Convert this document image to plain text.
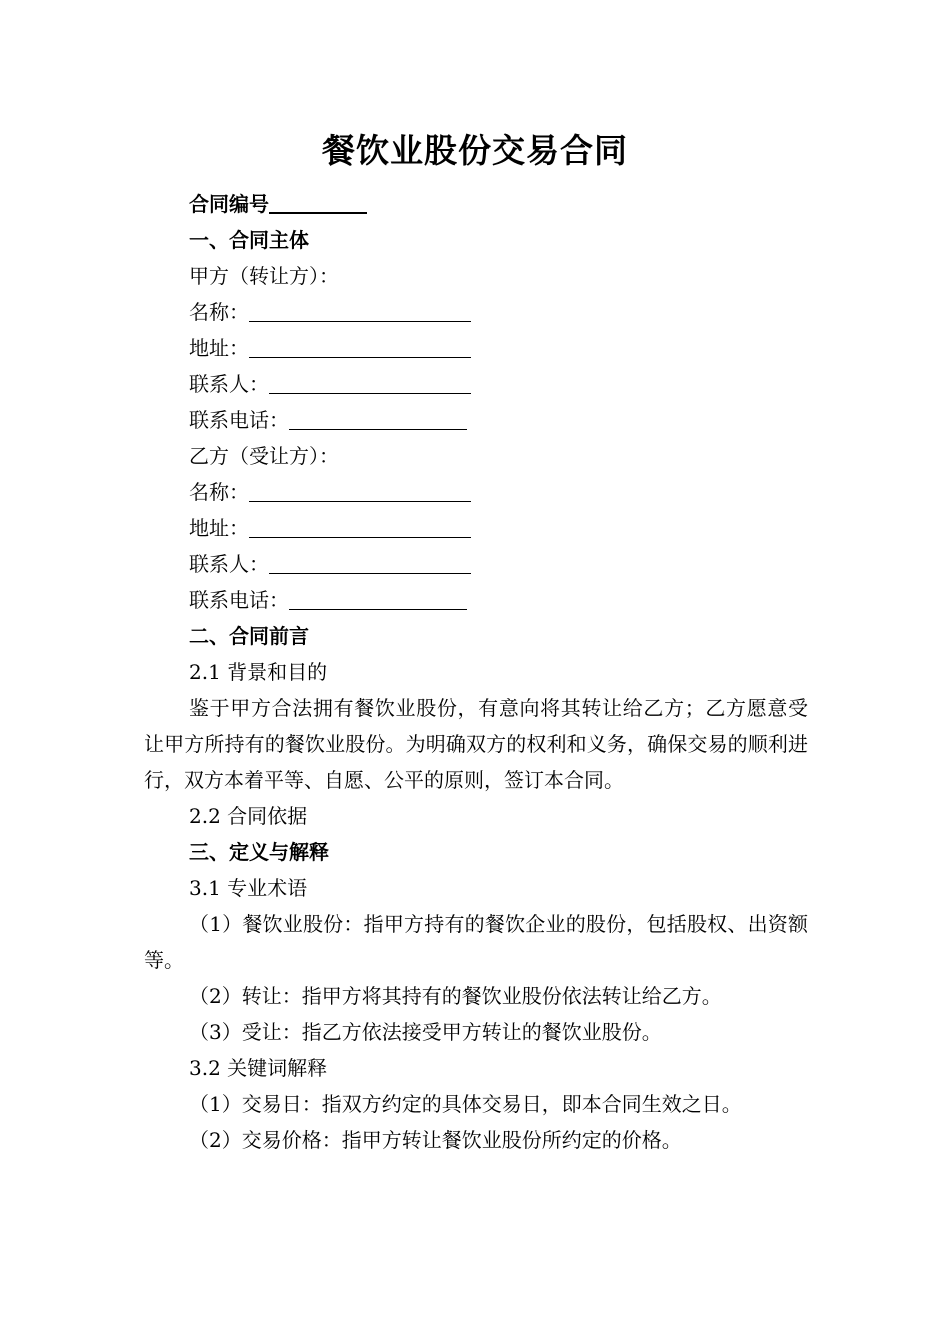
餐饮业股份交易合同
合同编号
一、合同主体
甲方（转让方）：
名称：
地址：
联系人：
联系电话：
乙方（受让方）：
名称：
地址：
联系人：
联系电话：
二、合同前言
2.1 背景和目的
鉴于甲方合法拥有餐饮业股份，有意向将其转让给乙方；乙方愿意受让甲方所持有的餐饮业股份。为明确双方的权利和义务，确保交易的顺利进行，双方本着平等、自愿、公平的原则，签订本合同。
2.2 合同依据
三、定义与解释
3.1 专业术语
（1）餐饮业股份：指甲方持有的餐饮企业的股份，包括股权、出资额等。
（2）转让：指甲方将其持有的餐饮业股份依法转让给乙方。
（3）受让：指乙方依法接受甲方转让的餐饮业股份。
3.2 关键词解释
（1）交易日：指双方约定的具体交易日，即本合同生效之日。
（2）交易价格：指甲方转让餐饮业股份所约定的价格。
